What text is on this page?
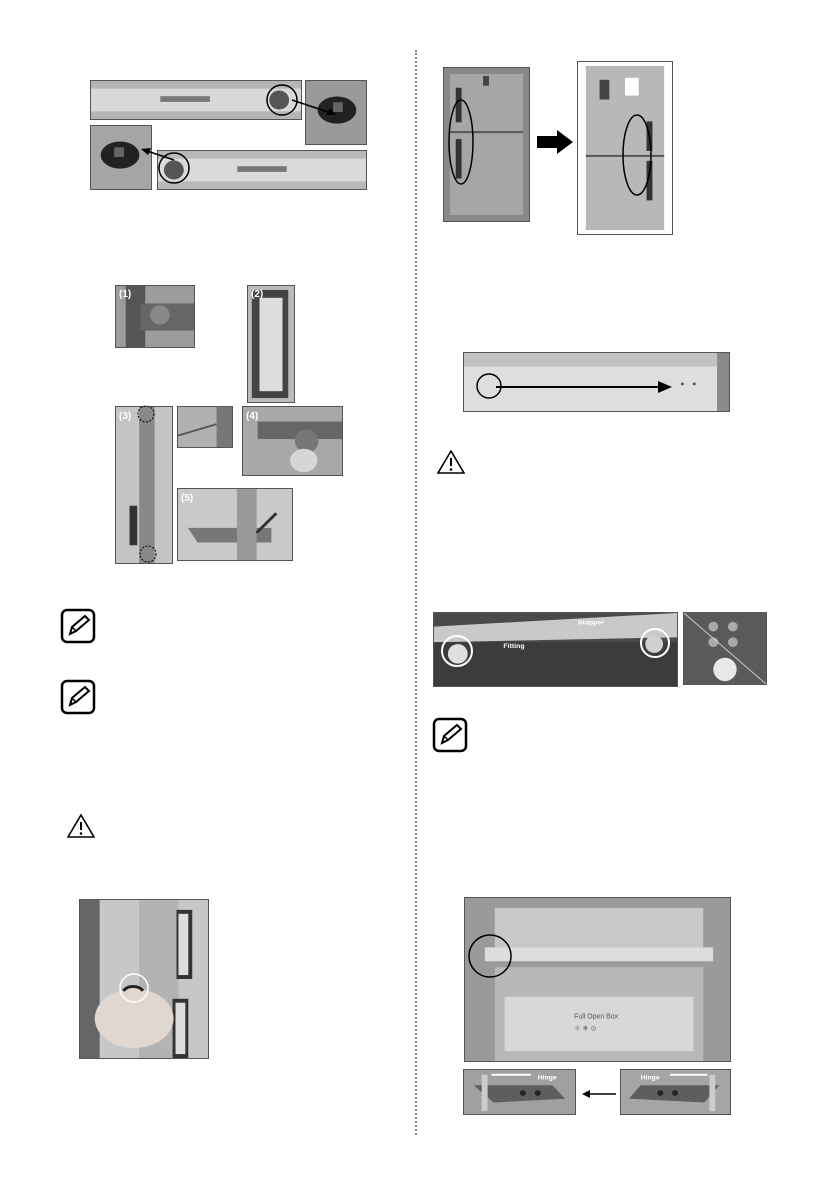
(1)	(2)
(3)	(4)
(5)
Stopper
Fitting
Full Open Box
☼ ❄ ⊙
Hinge	Hinge
